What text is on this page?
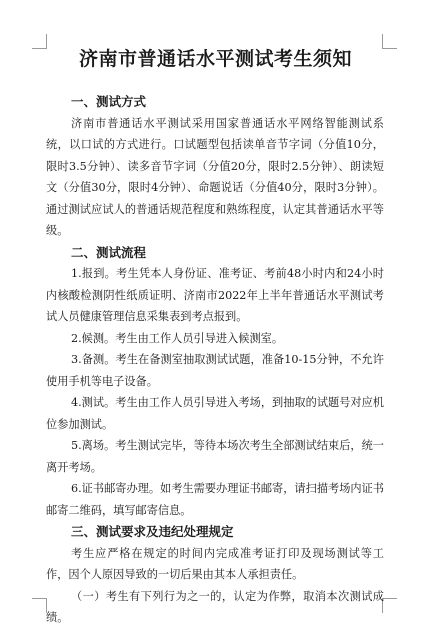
济南市普通话水平测试考生须知
一、测试方式
济南市普通话水平测试采用国家普通话水平网络智能测试系统，以口试的方式进行。口试题型包括读单音节字词（分值10分，限时3.5分钟）、读多音节字词（分值20分，限时2.5分钟）、朗读短文（分值30分，限时4分钟）、命题说话（分值40分，限时3分钟）。通过测试应试人的普通话规范程度和熟练程度，认定其普通话水平等级。
二、测试流程
1.报到。考生凭本人身份证、准考证、考前48小时内和24小时内核酸检测阴性纸质证明、济南市2022年上半年普通话水平测试考试人员健康管理信息采集表到考点报到。
2.候测。考生由工作人员引导进入候测室。
3.备测。考生在备测室抽取测试试题，准备10-15分钟，不允许使用手机等电子设备。
4.测试。考生由工作人员引导进入考场，到抽取的试题号对应机位参加测试。
5.离场。考生测试完毕，等待本场次考生全部测试结束后，统一离开考场。
6.证书邮寄办理。如考生需要办理证书邮寄，请扫描考场内证书邮寄二维码，填写邮寄信息。
三、测试要求及违纪处理规定
考生应严格在规定的时间内完成准考证打印及现场测试等工作，因个人原因导致的一切后果由其本人承担责任。
（一）考生有下列行为之一的，认定为作弊，取消本次测试成绩。
